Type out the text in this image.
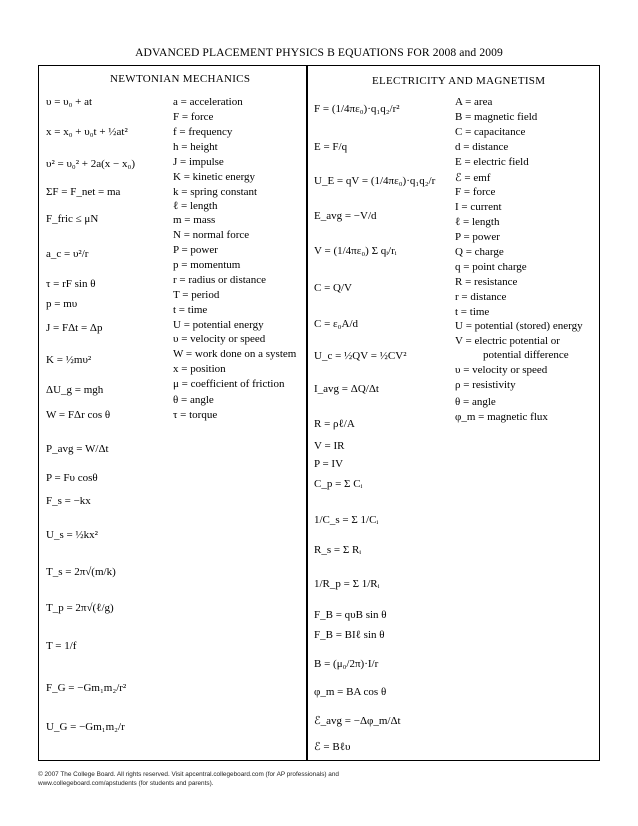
ADVANCED PLACEMENT PHYSICS B EQUATIONS FOR 2008 and 2009
NEWTONIAN MECHANICS
υ = υ₀ + at
x = x₀ + υ₀t + ½at²
υ² = υ₀² + 2a(x − x₀)
ΣF = F_net = ma
F_fric ≤ μN
a_c = υ²/r
τ = rF sin θ
p = mυ
J = FΔt = Δp
K = ½mυ²
ΔU_g = mgh
W = FΔr cos θ
P_avg = W/Δt
P = Fυ cosθ
F_s = −kx
U_s = ½kx²
T_s = 2π√(m/k)
T_p = 2π√(ℓ/g)
T = 1/f
F_G = −Gm₁m₂/r²
U_G = −Gm₁m₂/r
a = acceleration
F = force
f = frequency
h = height
J = impulse
K = kinetic energy
k = spring constant
ℓ = length
m = mass
N = normal force
P = power
p = momentum
r = radius or distance
T = period
t = time
U = potential energy
υ = velocity or speed
W = work done on a system
x = position
μ = coefficient of friction
θ = angle
τ = torque
ELECTRICITY AND MAGNETISM
F = (1/4πε₀)·q₁q₂/r²
E = F/q
U_E = qV = (1/4πε₀)·q₁q₂/r
E_avg = −V/d
V = (1/4πε₀) Σ qᵢ/rᵢ
C = Q/V
C = ε₀A/d
U_c = ½QV = ½CV²
I_avg = ΔQ/Δt
R = ρℓ/A
V = IR
P = IV
C_p = Σ Cᵢ
1/C_s = Σ 1/Cᵢ
R_s = Σ Rᵢ
1/R_p = Σ 1/Rᵢ
F_B = qυB sin θ
F_B = BIℓ sin θ
B = (μ₀/2π)·I/r
φ_m = BA cos θ
ℰ_avg = −Δφ_m/Δt
ℰ = Bℓυ
A = area
B = magnetic field
C = capacitance
d = distance
E = electric field
ℰ = emf
F = force
I = current
ℓ = length
P = power
Q = charge
q = point charge
R = resistance
r = distance
t = time
U = potential (stored) energy
V = electric potential or
potential difference
υ = velocity or speed
ρ = resistivity
θ = angle
φ_m = magnetic flux
© 2007 The College Board. All rights reserved. Visit apcentral.collegeboard.com (for AP professionals) and
www.collegeboard.com/apstudents (for students and parents).
